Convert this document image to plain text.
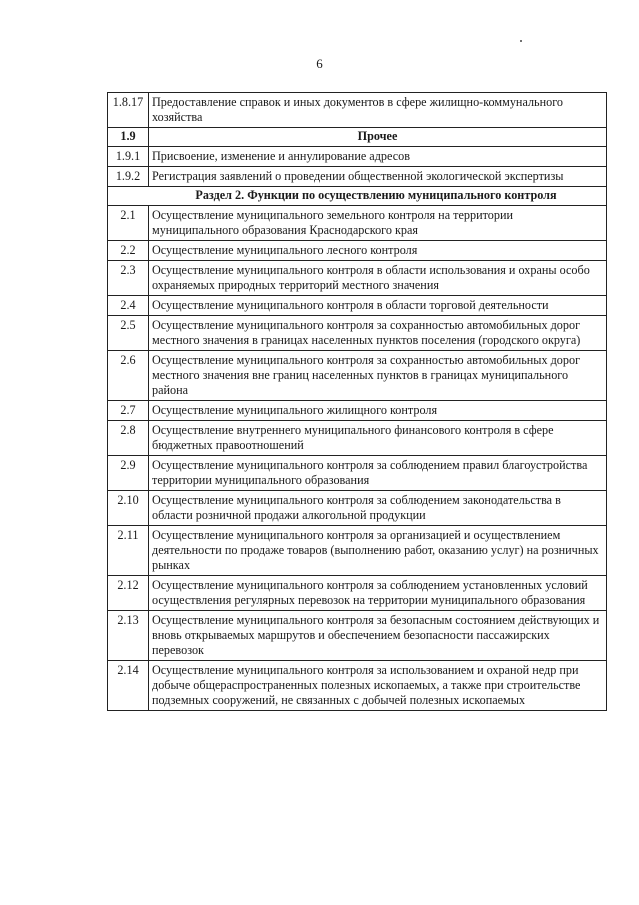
6
1.8.17	Предоставление справок и иных документов в сфере жилищно-коммунального хозяйства
1.9	Прочее
1.9.1	Присвоение, изменение и аннулирование адресов
1.9.2	Регистрация заявлений о проведении общественной экологической экспертизы
Раздел 2. Функции по осуществлению муниципального контроля	
2.1	Осуществление муниципального земельного контроля на территории муниципального образования Краснодарского края
2.2	Осуществление муниципального лесного контроля
2.3	Осуществление муниципального контроля в области использования и охраны особо охраняемых природных территорий местного значения
2.4	Осуществление муниципального контроля в области торговой деятельности
2.5	Осуществление муниципального контроля за сохранностью автомобильных дорог местного значения в границах населенных пунктов поселения (городского округа)
2.6	Осуществление муниципального контроля за сохранностью автомобильных дорог местного значения вне границ населенных пунктов в границах муниципального района
2.7	Осуществление муниципального жилищного контроля
2.8	Осуществление внутреннего муниципального финансового контроля в сфере бюджетных правоотношений
2.9	Осуществление муниципального контроля за соблюдением правил благоустройства территории муниципального образования
2.10	Осуществление муниципального контроля за соблюдением законодательства в области розничной продажи алкогольной продукции
2.11	Осуществление муниципального контроля за организацией и осуществлением деятельности по продаже товаров (выполнению работ, оказанию услуг) на розничных рынках
2.12	Осуществление муниципального контроля за соблюдением установленных условий осуществления регулярных перевозок на территории муниципального образования
2.13	Осуществление муниципального контроля за безопасным состоянием действующих и вновь открываемых маршрутов и обеспечением безопасности пассажирских перевозок
2.14	Осуществление муниципального контроля за использованием и охраной недр при добыче общераспространенных полезных ископаемых, а также при строительстве подземных сооружений, не связанных с добычей полезных ископаемых
